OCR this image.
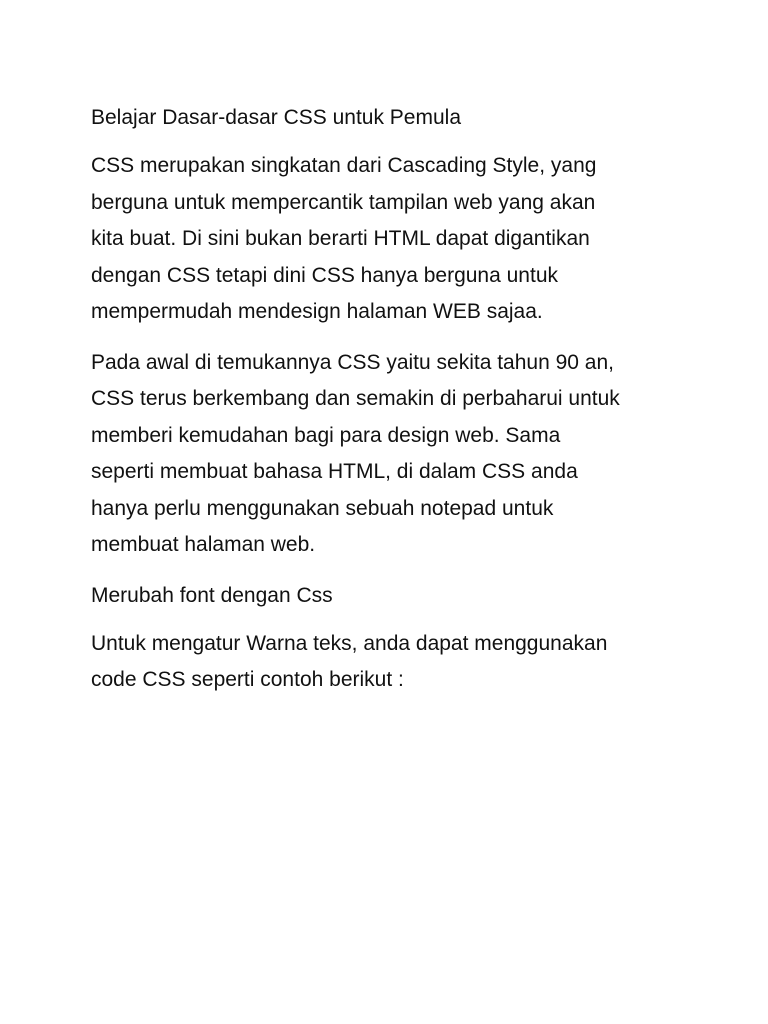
Belajar Dasar-dasar CSS untuk Pemula
CSS merupakan singkatan dari Cascading Style, yang
berguna untuk mempercantik tampilan web yang akan
kita buat. Di sini bukan berarti HTML dapat digantikan
dengan CSS tetapi dini CSS hanya berguna untuk
mempermudah mendesign halaman WEB sajaa.
Pada awal di temukannya CSS yaitu sekita tahun 90 an,
CSS terus berkembang dan semakin di perbaharui untuk
memberi kemudahan bagi para design web. Sama
seperti membuat bahasa HTML, di dalam CSS anda
hanya perlu menggunakan sebuah notepad untuk
membuat halaman web.
Merubah font dengan Css
Untuk mengatur Warna teks, anda dapat menggunakan
code CSS seperti contoh berikut :
